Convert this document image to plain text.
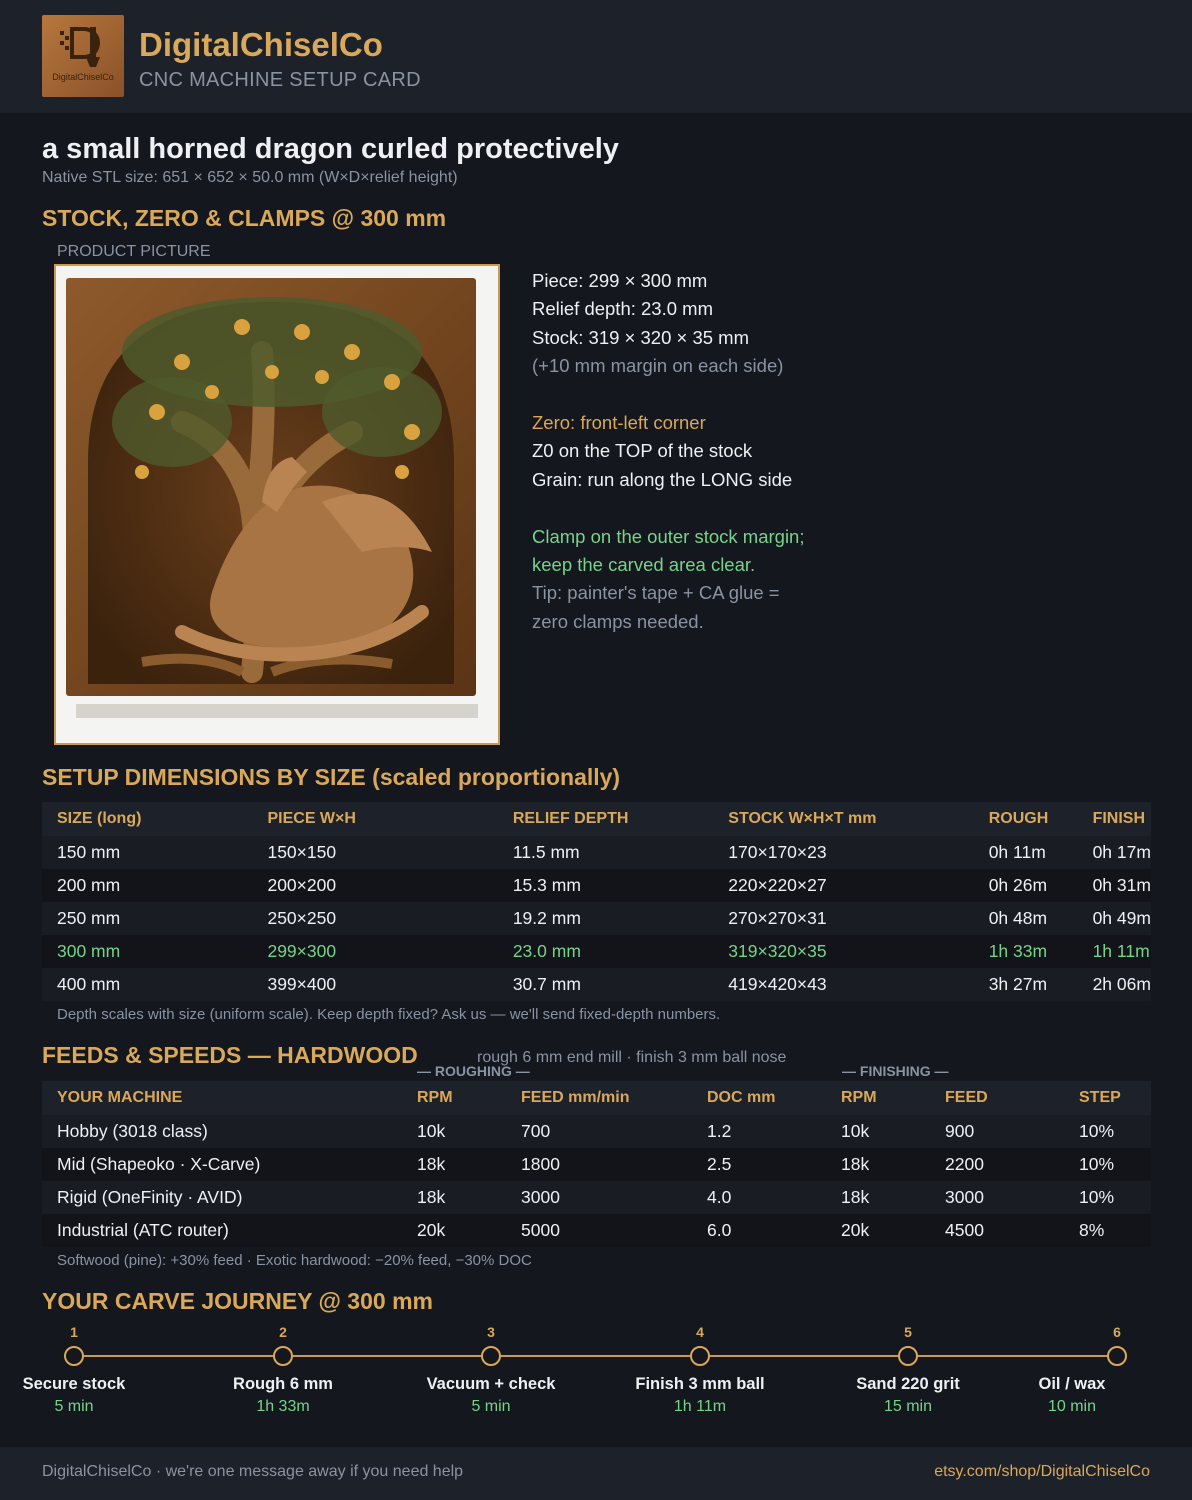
DigitalChiselCo
DigitalChiselCo
CNC MACHINE SETUP CARD
a small horned dragon curled protectively
Native STL size: 651 × 652 × 50.0 mm (W×D×relief height)
STOCK, ZERO & CLAMPS @ 300 mm
PRODUCT PICTURE
Piece: 299 × 300 mm
Relief depth: 23.0 mm
Stock: 319 × 320 × 35 mm
(+10 mm margin on each side)
Zero: front-left corner
Z0 on the TOP of the stock
Grain: run along the LONG side
Clamp on the outer stock margin;
keep the carved area clear.
Tip: painter's tape + CA glue =
zero clamps needed.
SETUP DIMENSIONS BY SIZE (scaled proportionally)
SIZE (long)	PIECE W×H	RELIEF DEPTH	STOCK W×H×T mm	ROUGH	FINISH
150 mm	150×150	11.5 mm	170×170×23	0h 11m	0h 17m
200 mm	200×200	15.3 mm	220×220×27	0h 26m	0h 31m
250 mm	250×250	19.2 mm	270×270×31	0h 48m	0h 49m
300 mm	299×300	23.0 mm	319×320×35	1h 33m	1h 11m
400 mm	399×400	30.7 mm	419×420×43	3h 27m	2h 06m
Depth scales with size (uniform scale). Keep depth fixed? Ask us — we'll send fixed-depth numbers.
FEEDS & SPEEDS — HARDWOOD	rough 6 mm end mill · finish 3 mm ball nose
— ROUGHING —	— FINISHING —
YOUR MACHINE	RPM	FEED mm/min	DOC mm	RPM	FEED	STEP
Hobby (3018 class)	10k	700	1.2	10k	900	10%
Mid (Shapeoko · X-Carve)	18k	1800	2.5	18k	2200	10%
Rigid (OneFinity · AVID)	18k	3000	4.0	18k	3000	10%
Industrial (ATC router)	20k	5000	6.0	20k	4500	8%
Softwood (pine): +30% feed · Exotic hardwood: −20% feed, −30% DOC
YOUR CARVE JOURNEY @ 300 mm
1
Secure stock
5 min
2
Rough 6 mm
1h 33m
3
Vacuum + check
5 min
4
Finish 3 mm ball
1h 11m
5
Sand 220 grit
15 min
6
Oil / wax
10 min
DigitalChiselCo · we're one message away if you need help	etsy.com/shop/DigitalChiselCo
